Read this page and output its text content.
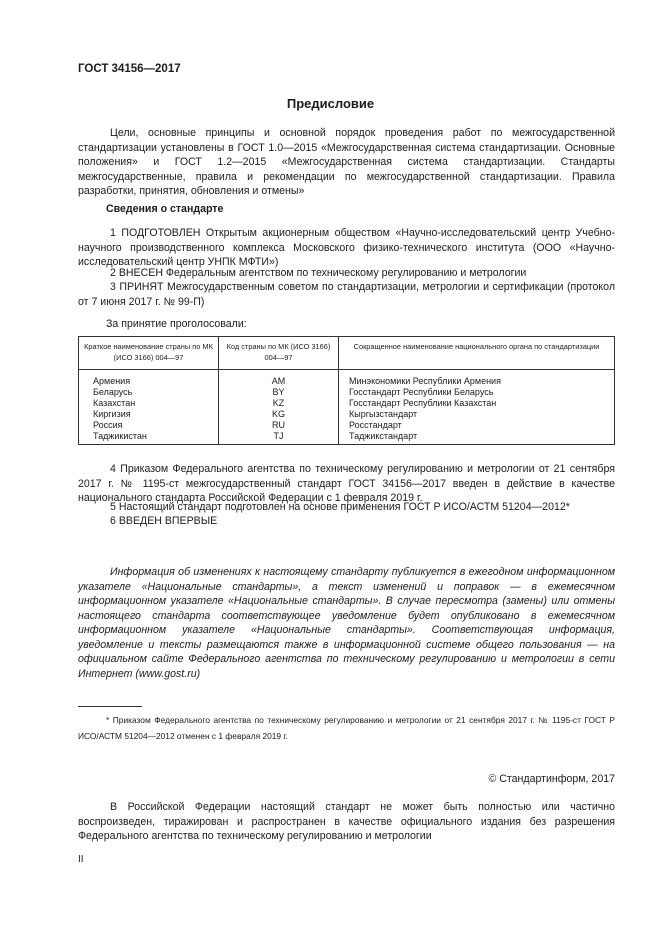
ГОСТ 34156—2017
Предисловие
Цели, основные принципы и основной порядок проведения работ по межгосударственной стандартизации установлены в ГОСТ 1.0—2015 «Межгосударственная система стандартизации. Основные положения» и ГОСТ 1.2—2015 «Межгосударственная система стандартизации. Стандарты межгосударственные, правила и рекомендации по межгосударственной стандартизации. Правила разработки, принятия, обновления и отмены»
Сведения о стандарте
1 ПОДГОТОВЛЕН Открытым акционерным обществом «Научно-исследовательский центр Учебно-научного производственного комплекса Московского физико-технического института (ООО «Научно-исследовательский центр УНПК МФТИ»)
2 ВНЕСЕН Федеральным агентством по техническому регулированию и метрологии
3 ПРИНЯТ Межгосударственным советом по стандартизации, метрологии и сертификации (протокол от 7 июня 2017 г. № 99-П)
За принятие проголосовали:
Краткое наименование страны по МК (ИСО 3166) 004—97	Код страны по МК (ИСО 3166) 004—97	Сокращенное наименование национального органа по стандартизации
Армения	AM	Минэкономики Республики Армения
Беларусь	BY	Госстандарт Республики Беларусь
Казахстан	KZ	Госстандарт Республики Казахстан
Киргизия	KG	Кыргызстандарт
Россия	RU	Росстандарт
Таджикистан	TJ	Таджикстандарт
4 Приказом Федерального агентства по техническому регулированию и метрологии от 21 сентября 2017 г. № 1195-ст межгосударственный стандарт ГОСТ 34156—2017 введен в действие в качестве национального стандарта Российской Федерации с 1 февраля 2019 г.
5 Настоящий стандарт подготовлен на основе применения ГОСТ Р ИСО/АСТМ 51204—2012*
6 ВВЕДЕН ВПЕРВЫЕ
Информация об изменениях к настоящему стандарту публикуется в ежегодном информационном указателе «Национальные стандарты», а текст изменений и поправок — в ежемесячном информационном указателе «Национальные стандарты». В случае пересмотра (замены) или отмены настоящего стандарта соответствующее уведомление будет опубликовано в ежемесячном информационном указателе «Национальные стандарты». Соответствующая информация, уведомление и тексты размещаются также в информационной системе общего пользования — на официальном сайте Федерального агентства по техническому регулированию и метрологии в сети Интернет (www.gost.ru)
* Приказом Федерального агентства по техническому регулированию и метрологии от 21 сентября 2017 г. № 1195-ст ГОСТ Р ИСО/АСТМ 51204—2012 отменен с 1 февраля 2019 г.
© Стандартинформ, 2017
В Российской Федерации настоящий стандарт не может быть полностью или частично воспроизведен, тиражирован и распространен в качестве официального издания без разрешения Федерального агентства по техническому регулированию и метрологии
II
